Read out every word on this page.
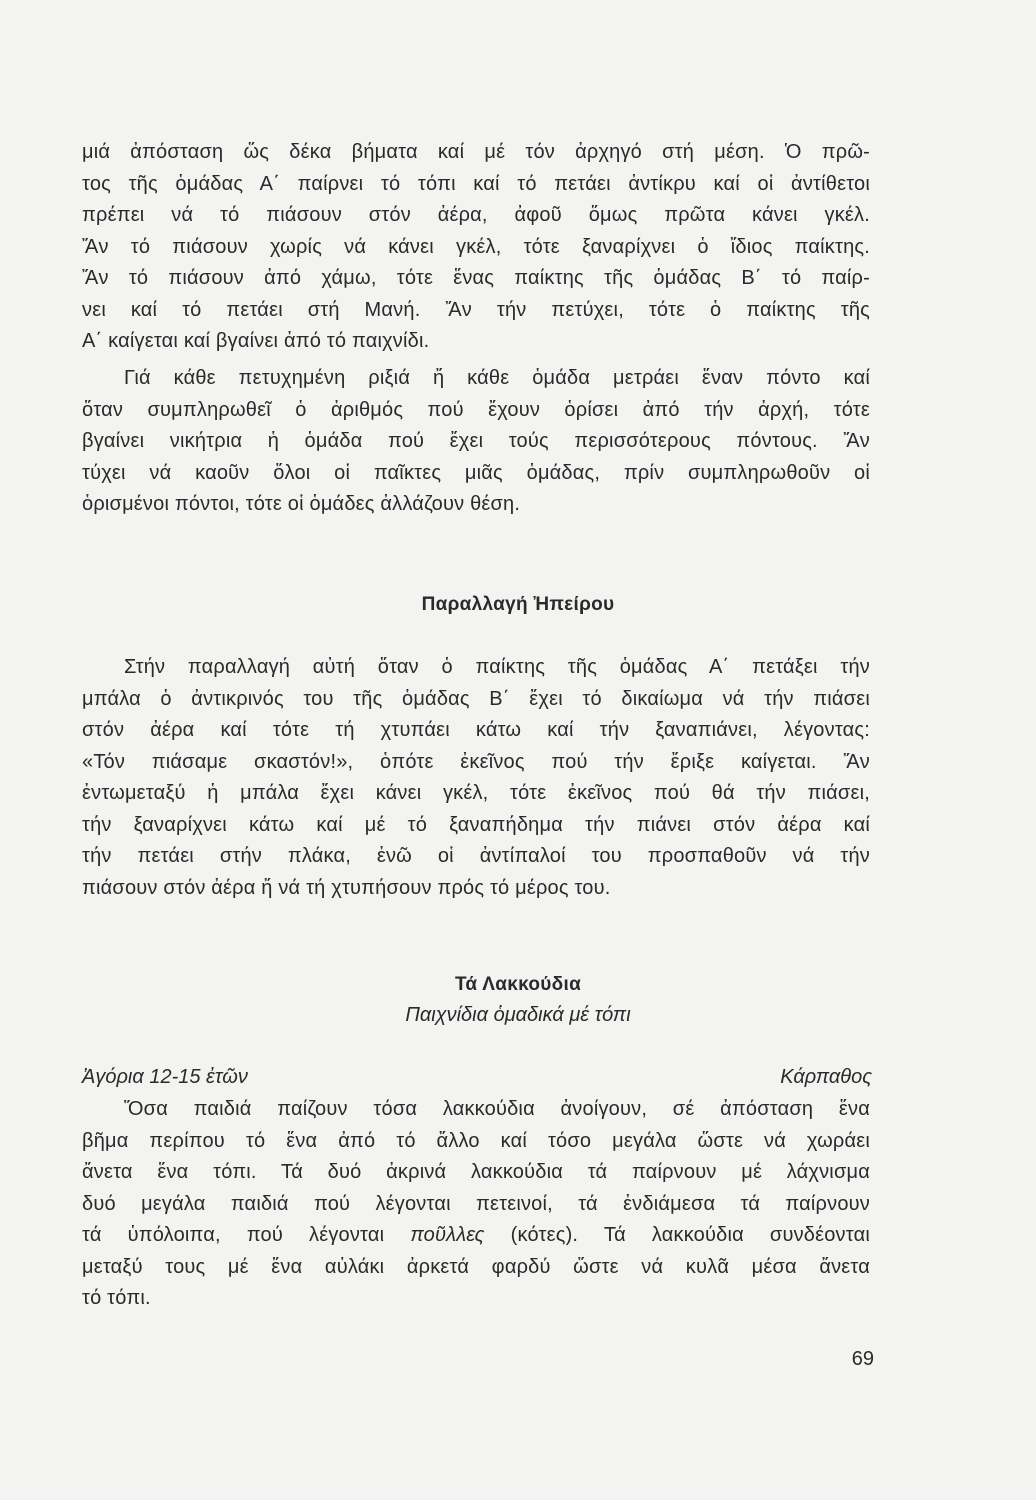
μιά ἀπόσταση ὥς δέκα βήματα καί μέ τόν ἀρχηγό στή μέση. Ὁ πρῶ-
τος τῆς ὁμάδας Α΄ παίρνει τό τόπι καί τό πετάει ἀντίκρυ καί οἱ ἀντίθετοι
πρέπει νά τό πιάσουν στόν ἀέρα, ἀφοῦ ὅμως πρῶτα κάνει γκέλ.
Ἄν τό πιάσουν χωρίς νά κάνει γκέλ, τότε ξαναρίχνει ὁ ἴδιος παίκτης.
Ἄν τό πιάσουν ἀπό χάμω, τότε ἕνας παίκτης τῆς ὁμάδας Β΄ τό παίρ-
νει καί τό πετάει στή Μανή. Ἄν τήν πετύχει, τότε ὁ παίκτης τῆς
Α΄ καίγεται καί βγαίνει ἀπό τό παιχνίδι.
Γιά κάθε πετυχημένη ριξιά ἤ κάθε ὁμάδα μετράει ἕναν πόντο καί
ὅταν συμπληρωθεῖ ὁ ἀριθμός πού ἔχουν ὁρίσει ἀπό τήν ἀρχή, τότε
βγαίνει νικήτρια ἡ ὁμάδα πού ἔχει τούς περισσότερους πόντους. Ἄν
τύχει νά καοῦν ὅλοι οἱ παῖκτες μιᾶς ὁμάδας, πρίν συμπληρωθοῦν οἱ
ὁρισμένοι πόντοι, τότε οἱ ὁμάδες ἀλλάζουν θέση.
Παραλλαγή Ἠπείρου
Στήν παραλλαγή αὐτή ὅταν ὁ παίκτης τῆς ὁμάδας Α΄ πετάξει τήν
μπάλα ὁ ἀντικρινός του τῆς ὁμάδας Β΄ ἔχει τό δικαίωμα νά τήν πιάσει
στόν ἀέρα καί τότε τή χτυπάει κάτω καί τήν ξαναπιάνει, λέγοντας:
«Τόν πιάσαμε σκαστόν!», ὁπότε ἐκεῖνος πού τήν ἔριξε καίγεται. Ἄν
ἐντωμεταξύ ἡ μπάλα ἔχει κάνει γκέλ, τότε ἐκεῖνος πού θά τήν πιάσει,
τήν ξαναρίχνει κάτω καί μέ τό ξαναπήδημα τήν πιάνει στόν ἀέρα καί
τήν πετάει στήν πλάκα, ἐνῶ οἱ ἀντίπαλοί του προσπαθοῦν νά τήν
πιάσουν στόν ἀέρα ἤ νά τή χτυπήσουν πρός τό μέρος του.
Τά Λακκούδια
Παιχνίδια ὁμαδικά μέ τόπι
Ἀγόρια 12-15 ἐτῶν	Κάρπαθος
Ὅσα παιδιά παίζουν τόσα λακκούδια ἀνοίγουν, σέ ἀπόσταση ἕνα
βῆμα περίπου τό ἕνα ἀπό τό ἄλλο καί τόσο μεγάλα ὥστε νά χωράει
ἄνετα ἕνα τόπι. Τά δυό ἀκρινά λακκούδια τά παίρνουν μέ λάχνισμα
δυό μεγάλα παιδιά πού λέγονται πετεινοί, τά ἐνδιάμεσα τά παίρνουν
τά ὑπόλοιπα, πού λέγονται ποῦλλες (κότες). Τά λακκούδια συνδέονται
μεταξύ τους μέ ἕνα αὐλάκι ἀρκετά φαρδύ ὥστε νά κυλᾶ μέσα ἄνετα
τό τόπι.
69
